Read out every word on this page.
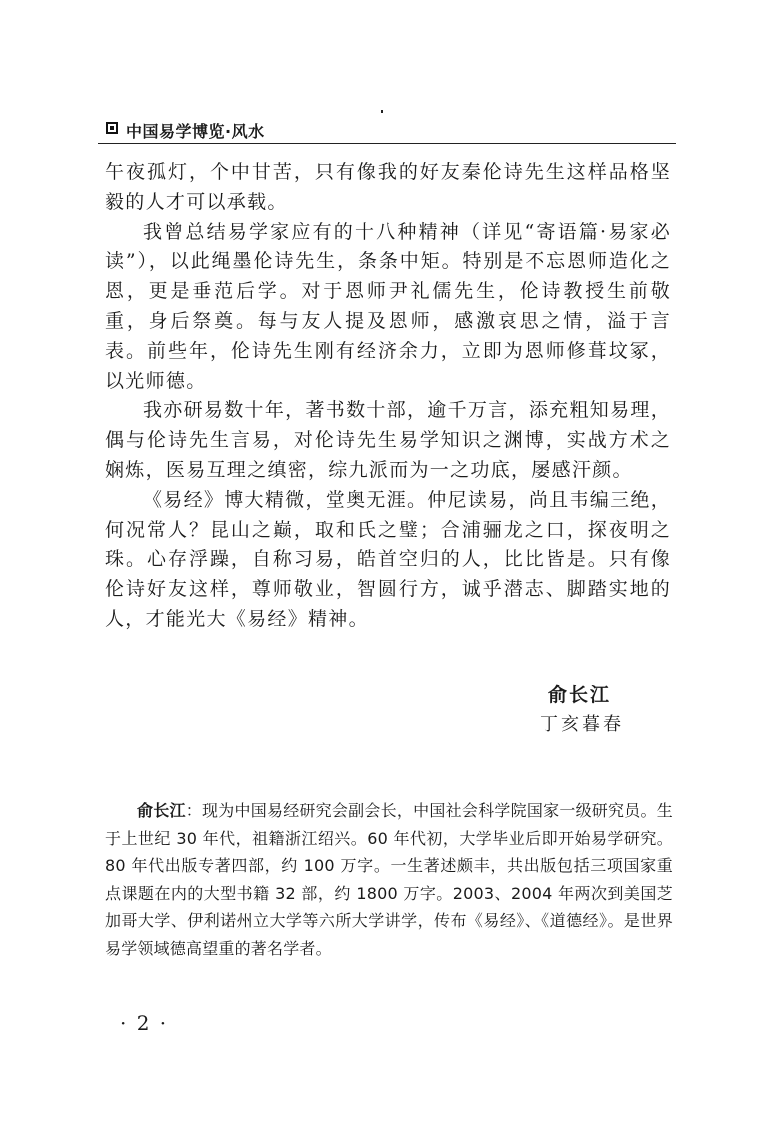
中国易学博览·风水

午夜孤灯，个中甘苦，只有像我的好友秦伦诗先生这样品格坚毅的人才可以承载。

我曾总结易学家应有的十八种精神（详见“寄语篇·易家必读”），以此绳墨伦诗先生，条条中矩。特别是不忘恩师造化之恩，更是垂范后学。对于恩师尹礼儒先生，伦诗教授生前敬重，身后祭奠。每与友人提及恩师，感激哀思之情，溢于言表。前些年，伦诗先生刚有经济余力，立即为恩师修葺坟冢，以光师德。

我亦研易数十年，著书数十部，逾千万言，添充粗知易理，偶与伦诗先生言易，对伦诗先生易学知识之渊博，实战方术之娴炼，医易互理之缜密，综九派而为一之功底，屡感汗颜。

《易经》博大精微，堂奥无涯。仲尼读易，尚且韦编三绝，何况常人？昆山之巅，取和氏之璧；合浦骊龙之口，探夜明之珠。心存浮躁，自称习易，皓首空归的人，比比皆是。只有像伦诗好友这样，尊师敬业，智圆行方，诚乎潜志、脚踏实地的人，才能光大《易经》精神。

俞长江
丁亥暮春
俞长江：现为中国易经研究会副会长，中国社会科学院国家一级研究员。生于上世纪 30 年代，祖籍浙江绍兴。60 年代初，大学毕业后即开始易学研究。80 年代出版专著四部，约 100 万字。一生著述颇丰，共出版包括三项国家重点课题在内的大型书籍 32 部，约 1800 万字。2003、2004 年两次到美国芝加哥大学、伊利诺州立大学等六所大学讲学，传布《易经》、《道德经》。是世界易学领域德高望重的著名学者。
· 2 ·
